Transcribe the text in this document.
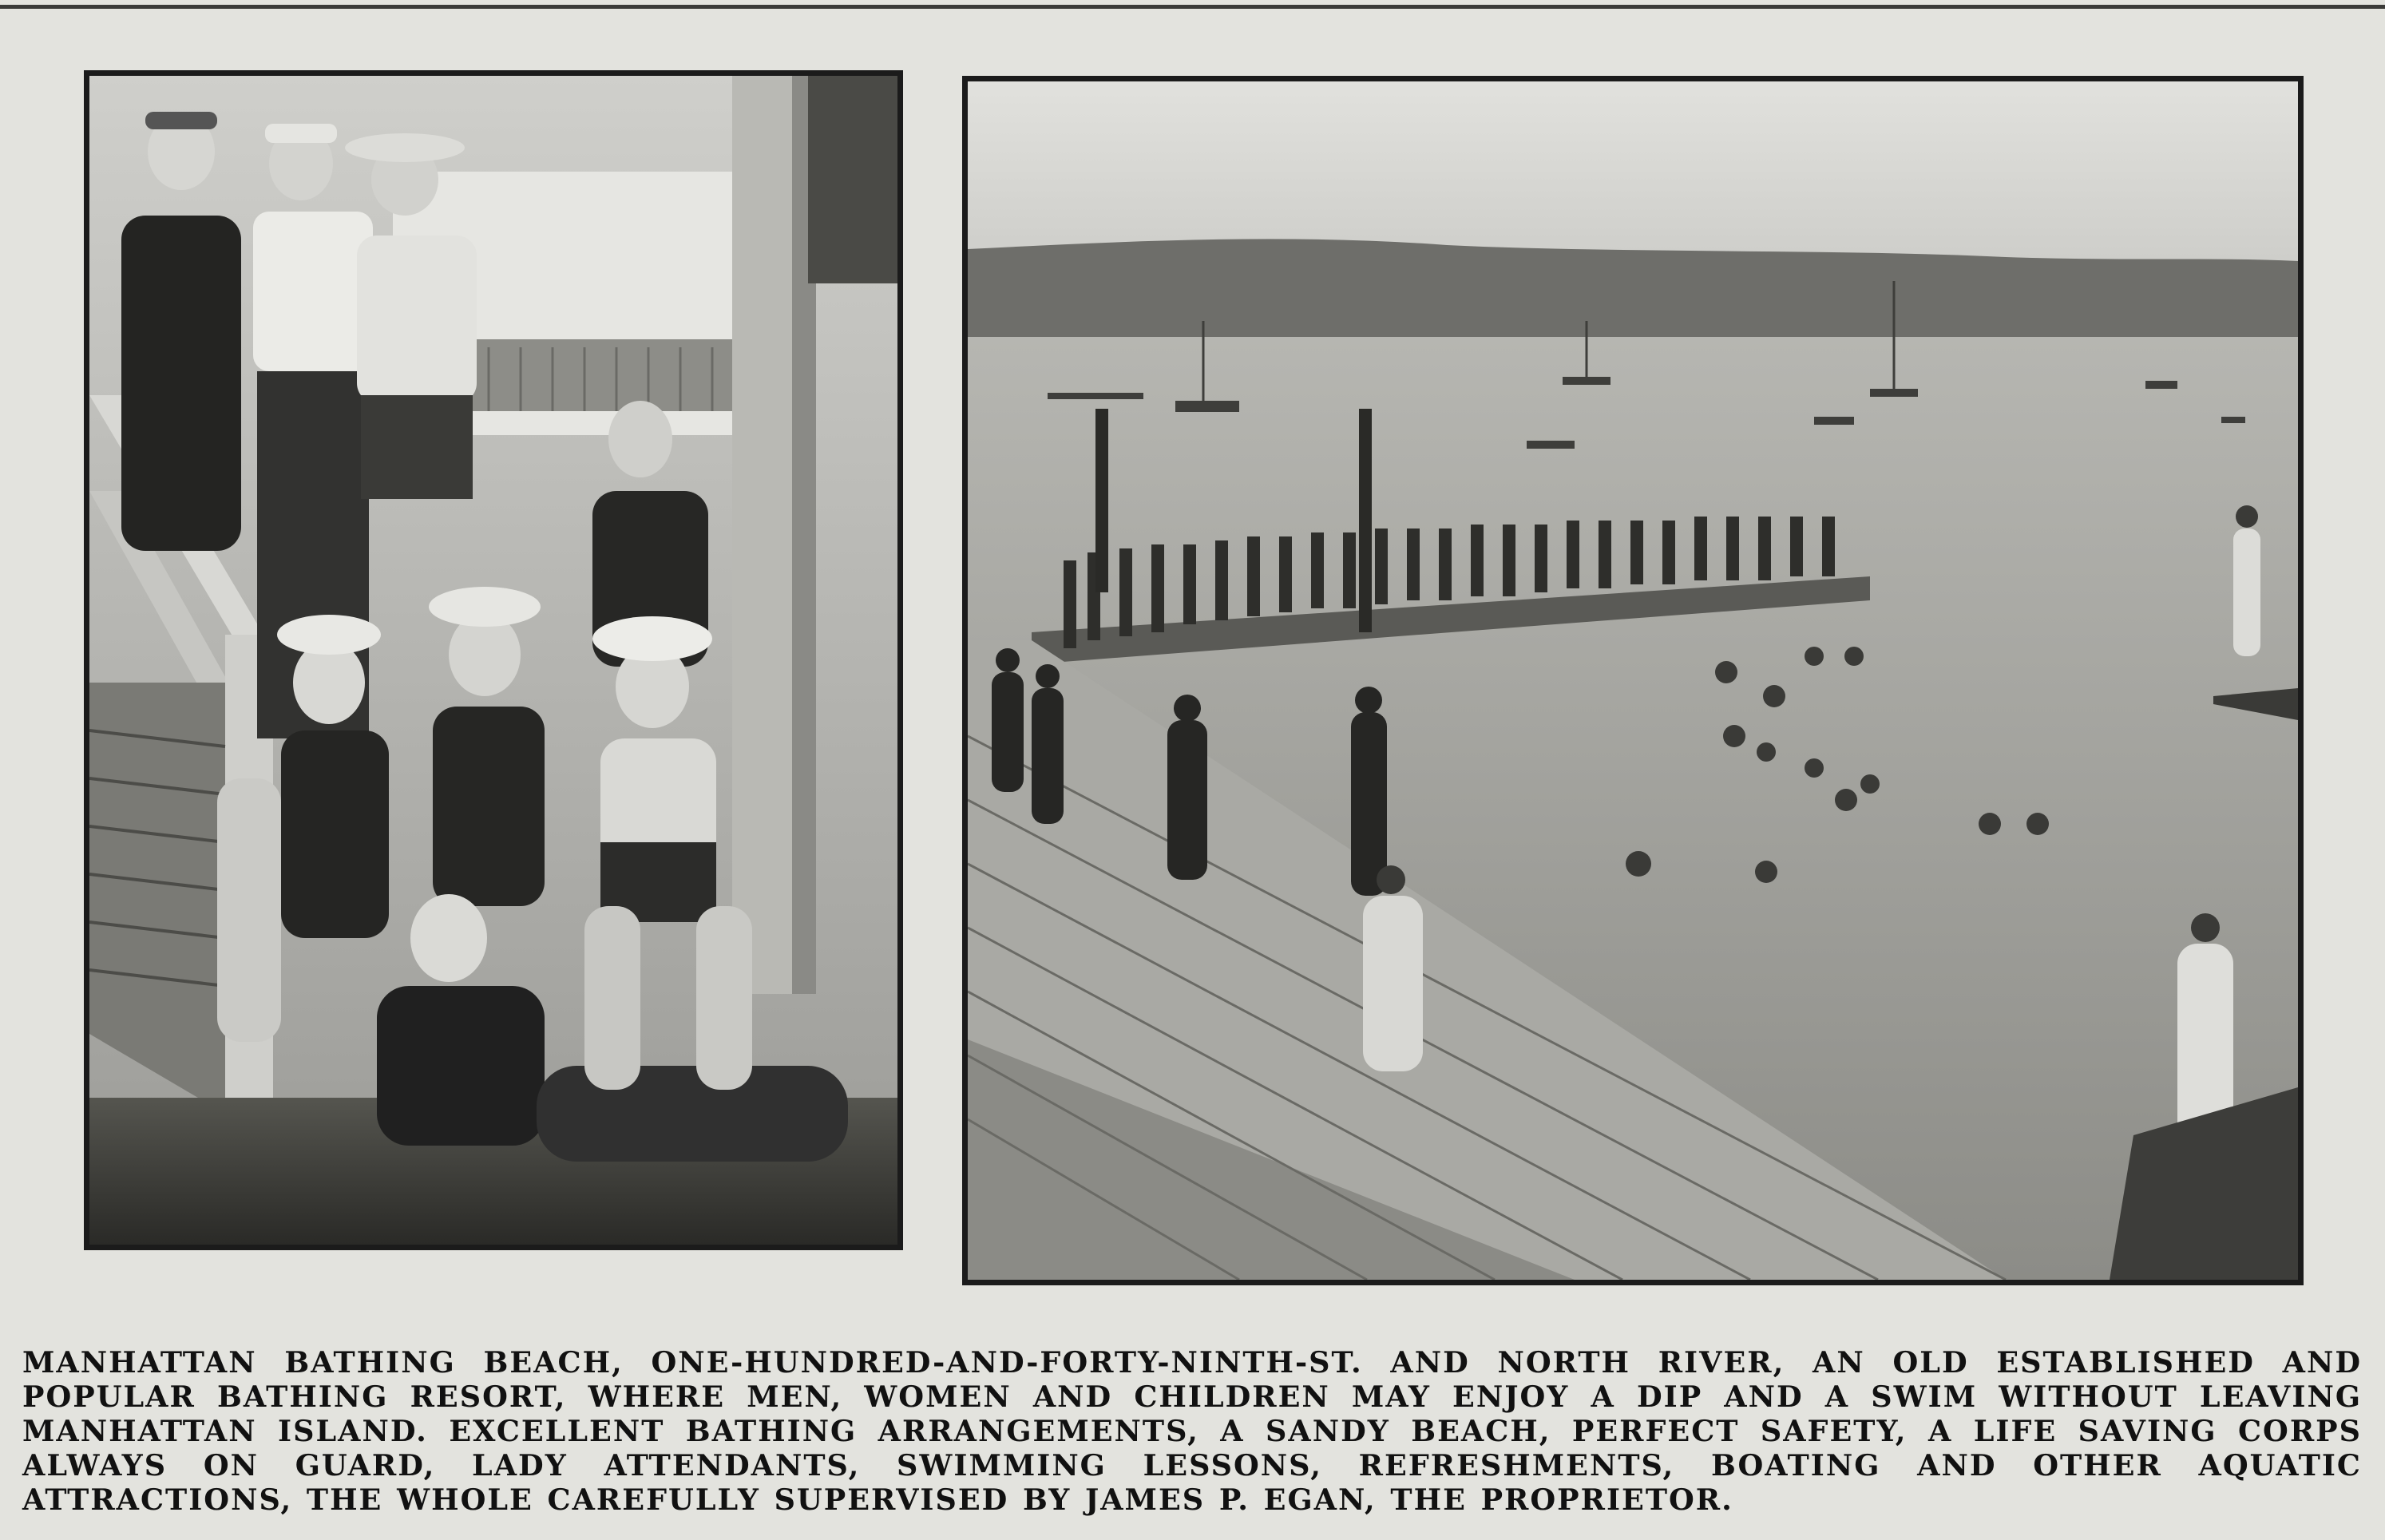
MANHATTAN BATHING BEACH, ONE-HUNDRED-AND-FORTY-NINTH-ST. AND NORTH RIVER, AN OLD ESTABLISHED AND POPULAR BATHING RESORT, WHERE MEN, WOMEN AND CHILDREN MAY ENJOY A DIP AND A SWIM WITHOUT LEAVING MANHATTAN ISLAND. EXCELLENT BATHING ARRANGEMENTS, A SANDY BEACH, PERFECT SAFETY, A LIFE SAVING CORPS ALWAYS ON GUARD, LADY ATTENDANTS, SWIMMING LESSONS, REFRESHMENTS, BOATING AND OTHER AQUATIC ATTRACTIONS, THE WHOLE CAREFULLY SUPERVISED BY JAMES P. EGAN, THE PROPRIETOR.
